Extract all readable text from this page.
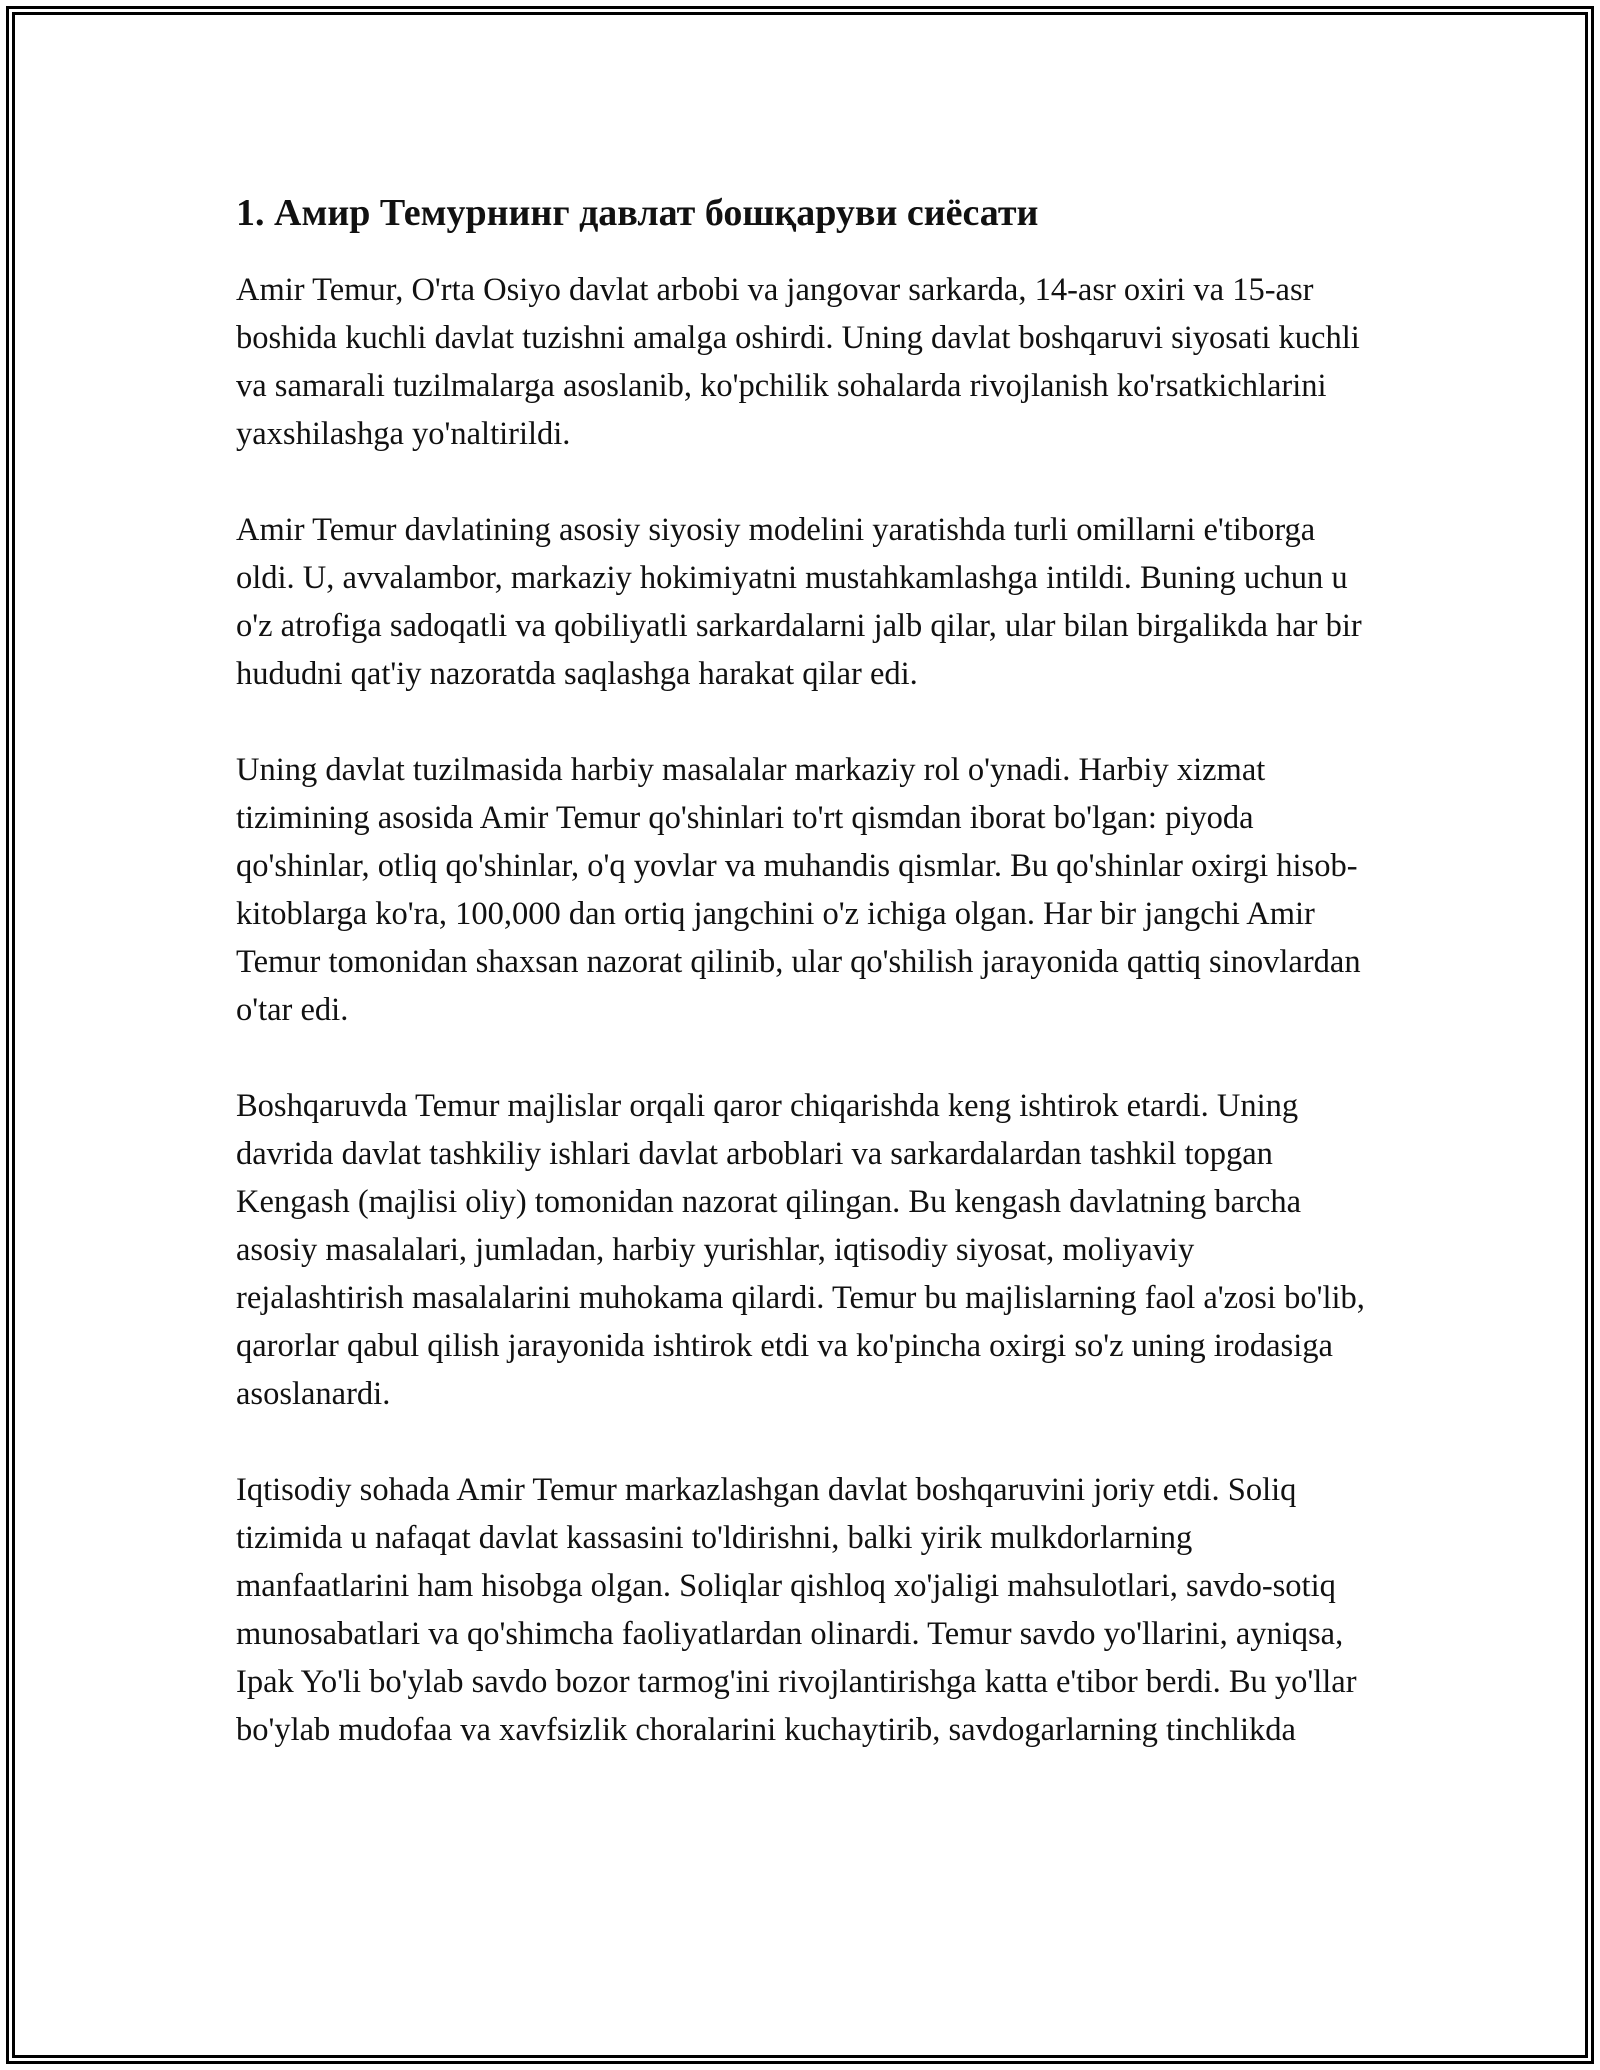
1. Амир Темурнинг давлат бошқаруви сиёсати

Amir Temur, O'rta Osiyo davlat arbobi va jangovar sarkarda, 14-asr oxiri va 15-asr boshida kuchli davlat tuzishni amalga oshirdi. Uning davlat boshqaruvi siyosati kuchli va samarali tuzilmalarga asoslanib, ko'pchilik sohalarda rivojlanish ko'rsatkichlarini yaxshilashga yo'naltirildi.

Amir Temur davlatining asosiy siyosiy modelini yaratishda turli omillarni e'tiborga oldi. U, avvalambor, markaziy hokimiyatni mustahkamlashga intildi. Buning uchun u o'z atrofiga sadoqatli va qobiliyatli sarkardalarni jalb qilar, ular bilan birgalikda har bir hududni qat'iy nazoratda saqlashga harakat qilar edi.

Uning davlat tuzilmasida harbiy masalalar markaziy rol o'ynadi. Harbiy xizmat tizimining asosida Amir Temur qo'shinlari to'rt qismdan iborat bo'lgan: piyoda qo'shinlar, otliq qo'shinlar, o'q yovlar va muhandis qismlar. Bu qo'shinlar oxirgi hisob-kitoblarga ko'ra, 100,000 dan ortiq jangchini o'z ichiga olgan. Har bir jangchi Amir Temur tomonidan shaxsan nazorat qilinib, ular qo'shilish jarayonida qattiq sinovlardan o'tar edi.

Boshqaruvda Temur majlislar orqali qaror chiqarishda keng ishtirok etardi. Uning davrida davlat tashkiliy ishlari davlat arboblari va sarkardalardan tashkil topgan Kengash (majlisi oliy) tomonidan nazorat qilingan. Bu kengash davlatning barcha asosiy masalalari, jumladan, harbiy yurishlar, iqtisodiy siyosat, moliyaviy rejalashtirish masalalarini muhokama qilardi. Temur bu majlislarning faol a'zosi bo'lib, qarorlar qabul qilish jarayonida ishtirok etdi va ko'pincha oxirgi so'z uning irodasiga asoslanardi.

Iqtisodiy sohada Amir Temur markazlashgan davlat boshqaruvini joriy etdi. Soliq tizimida u nafaqat davlat kassasini to'ldirishni, balki yirik mulkdorlarning manfaatlarini ham hisobga olgan. Soliqlar qishloq xo'jaligi mahsulotlari, savdo-sotiq munosabatlari va qo'shimcha faoliyatlardan olinardi. Temur savdo yo'llarini, ayniqsa, Ipak Yo'li bo'ylab savdo bozor tarmog'ini rivojlantirishga katta e'tibor berdi. Bu yo'llar bo'ylab mudofaa va xavfsizlik choralarini kuchaytirib, savdogarlarning tinchlikda
